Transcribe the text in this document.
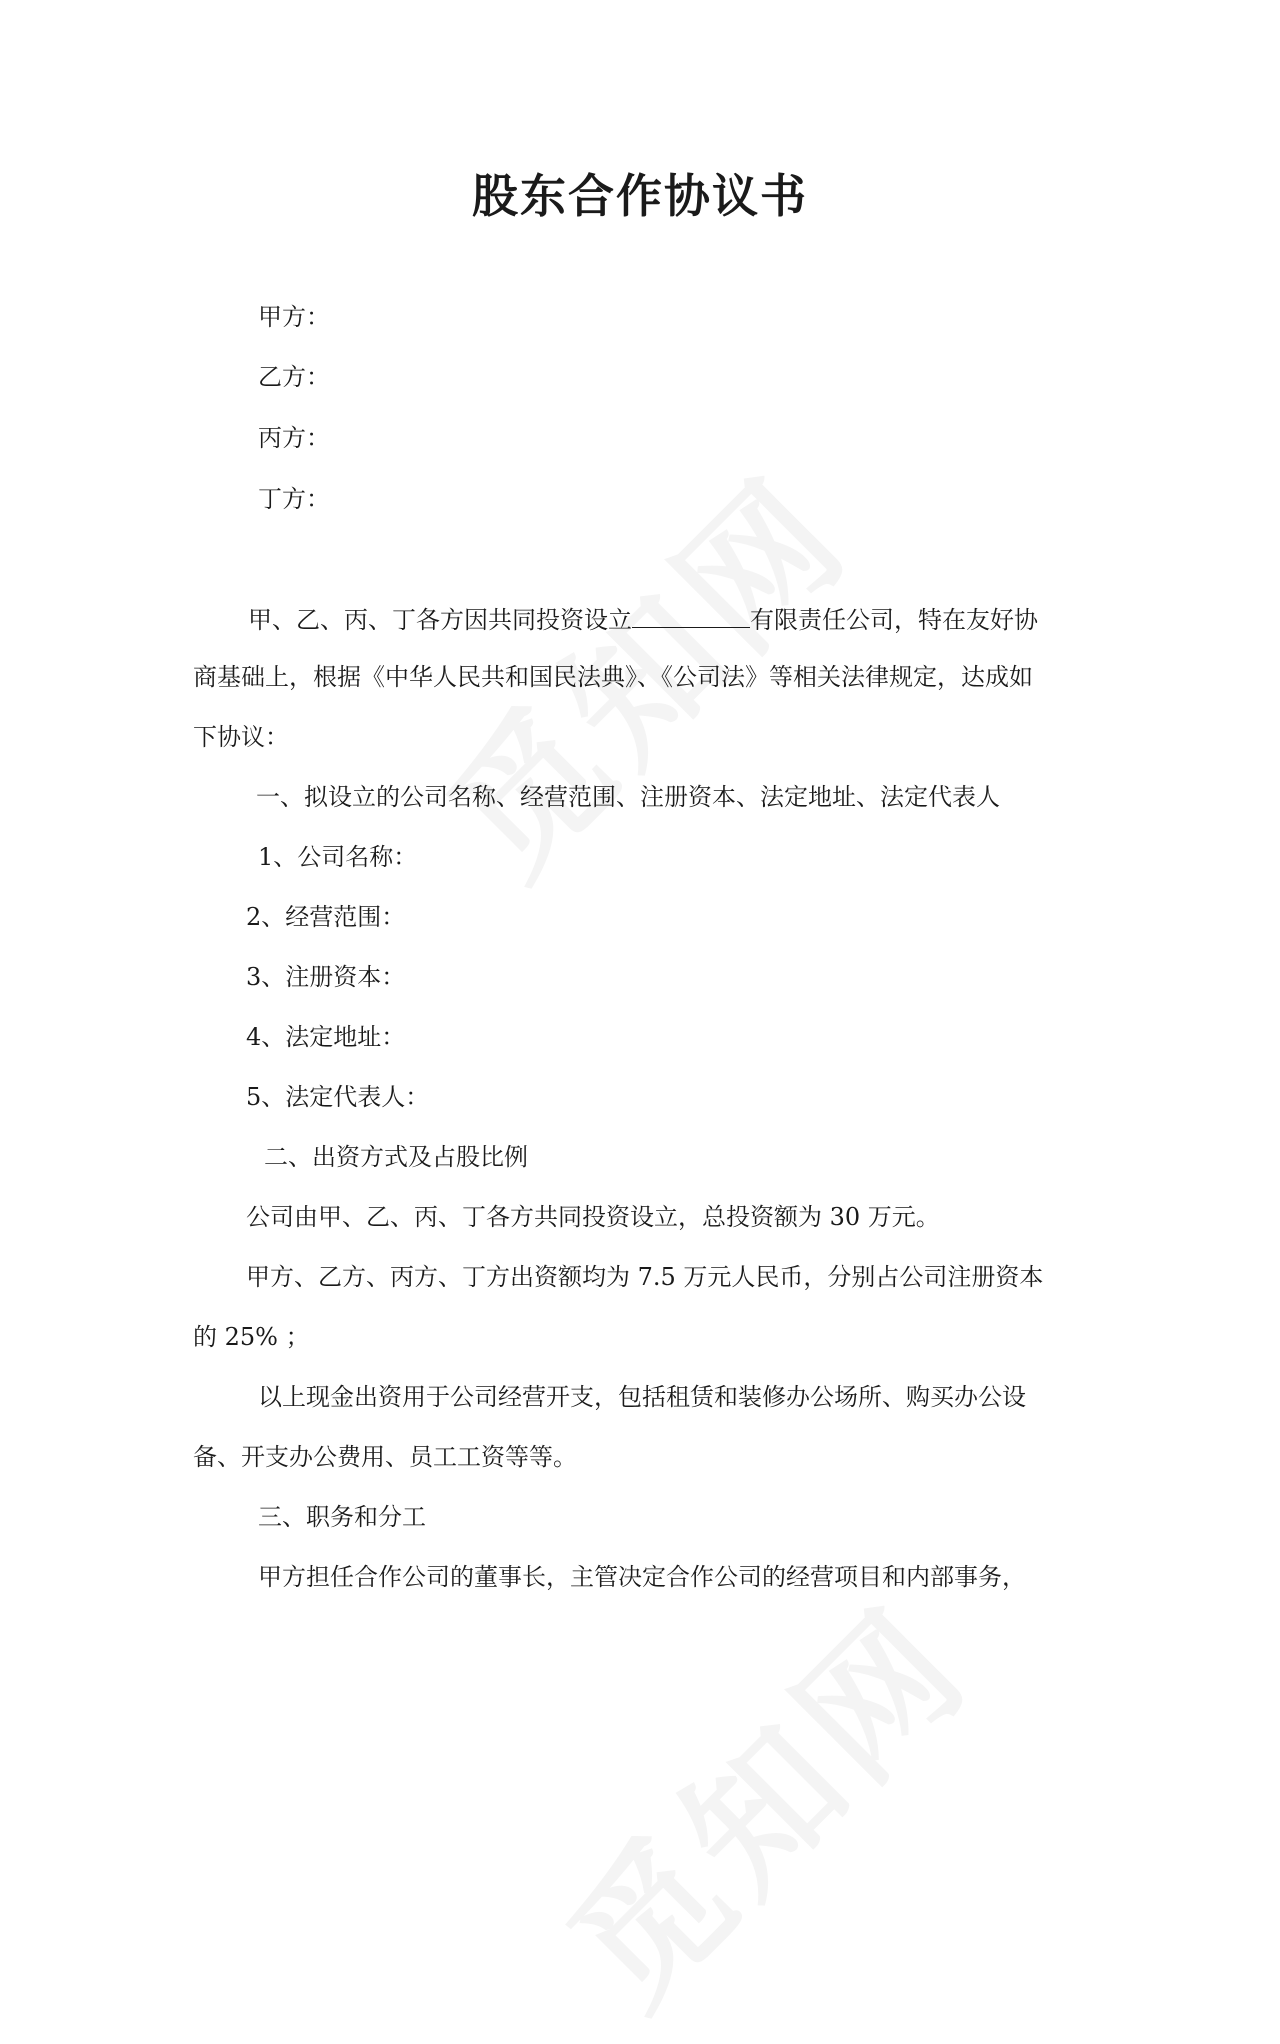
股东合作协议书
甲方：
乙方：
丙方：
丁方：
甲、乙、丙、丁各方因共同投资设立	有限责任公司，特在友好协
商基础上，根据《中华人民共和国民法典》、《公司法》等相关法律规定，达成如
下协议：
一、拟设立的公司名称、经营范围、注册资本、法定地址、法定代表人
1、公司名称：
2、经营范围：
3、注册资本：
4、法定地址：
5、法定代表人：
二、出资方式及占股比例
公司由甲、乙、丙、丁各方共同投资设立，总投资额为 30 万元。
甲方、乙方、丙方、丁方出资额均为 7.5 万元人民币，分别占公司注册资本
的 25% ；
以上现金出资用于公司经营开支，包括租赁和装修办公场所、购买办公设
备、开支办公费用、员工工资等等。
三、职务和分工
甲方担任合作公司的董事长，主管决定合作公司的经营项目和内部事务，
